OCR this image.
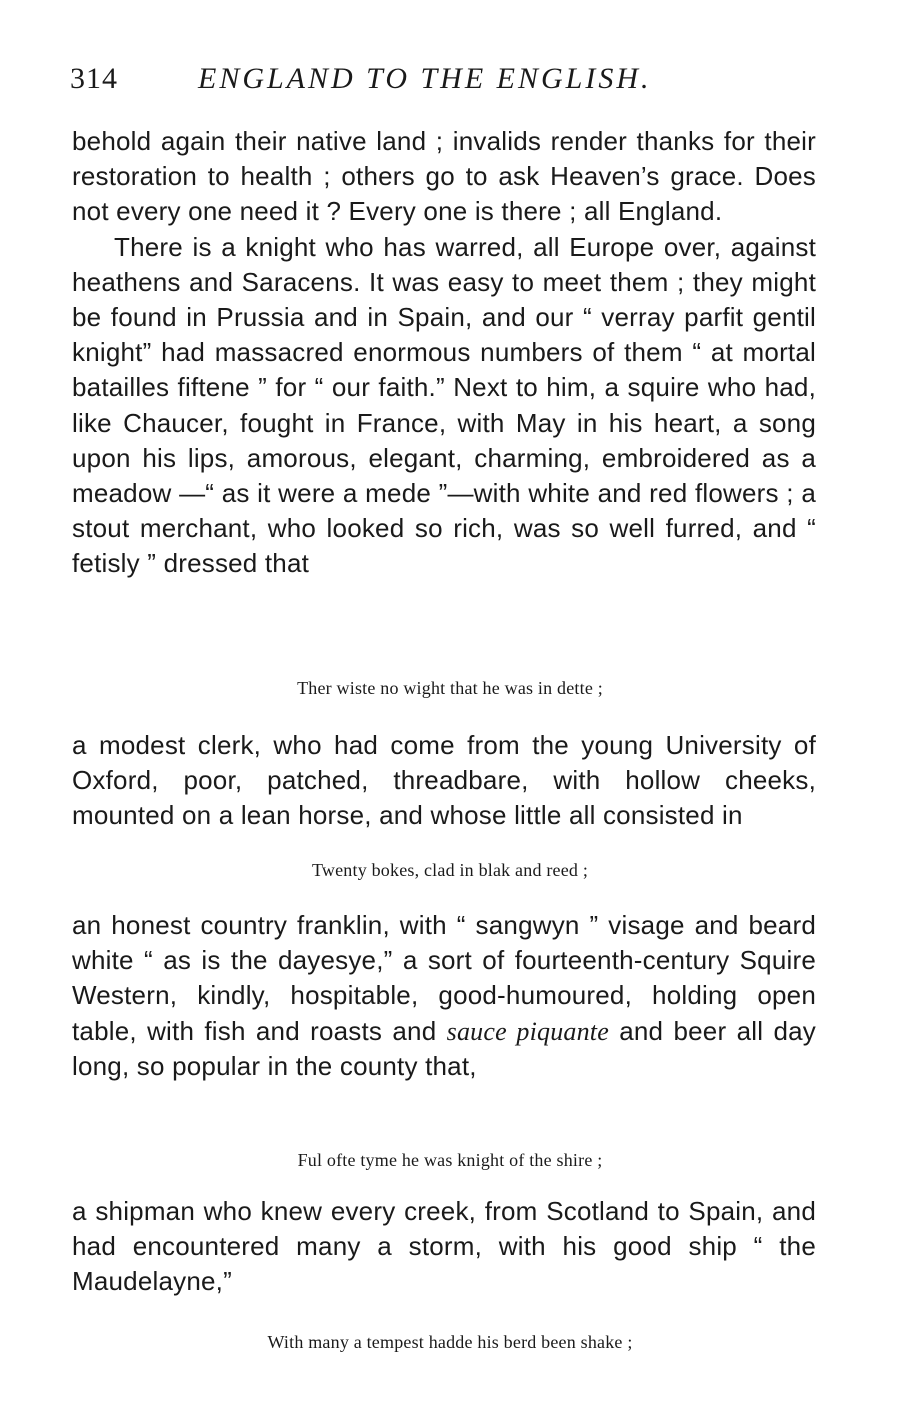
314	ENGLAND TO THE ENGLISH.

behold again their native land ; invalids render thanks for their restoration to health ; others go to ask Heaven’s grace. Does not every one need it ? Every one is there ; all England.

There is a knight who has warred, all Europe over, against heathens and Saracens. It was easy to meet them ; they might be found in Prussia and in Spain, and our “ verray parfit gentil knight” had massacred enormous numbers of them “ at mortal batailles fiftene ” for “ our faith.” Next to him, a squire who had, like Chaucer, fought in France, with May in his heart, a song upon his lips, amorous, elegant, charming, embroidered as a meadow —“ as it were a mede ”—with white and red flowers ; a stout merchant, who looked so rich, was so well furred, and “ fetisly ” dressed that

Ther wiste no wight that he was in dette ;

a modest clerk, who had come from the young University of Oxford, poor, patched, threadbare, with hollow cheeks, mounted on a lean horse, and whose little all consisted in

Twenty bokes, clad in blak and reed ;

an honest country franklin, with “ sangwyn ” visage and beard white “ as is the dayesye,” a sort of fourteenth-century Squire Western, kindly, hospitable, good-humoured, holding open table, with fish and roasts and sauce piquante and beer all day long, so popular in the county that,

Ful ofte tyme he was knight of the shire ;

a shipman who knew every creek, from Scotland to Spain, and had encountered many a storm, with his good ship “ the Maudelayne,”

With many a tempest hadde his berd been shake ;
